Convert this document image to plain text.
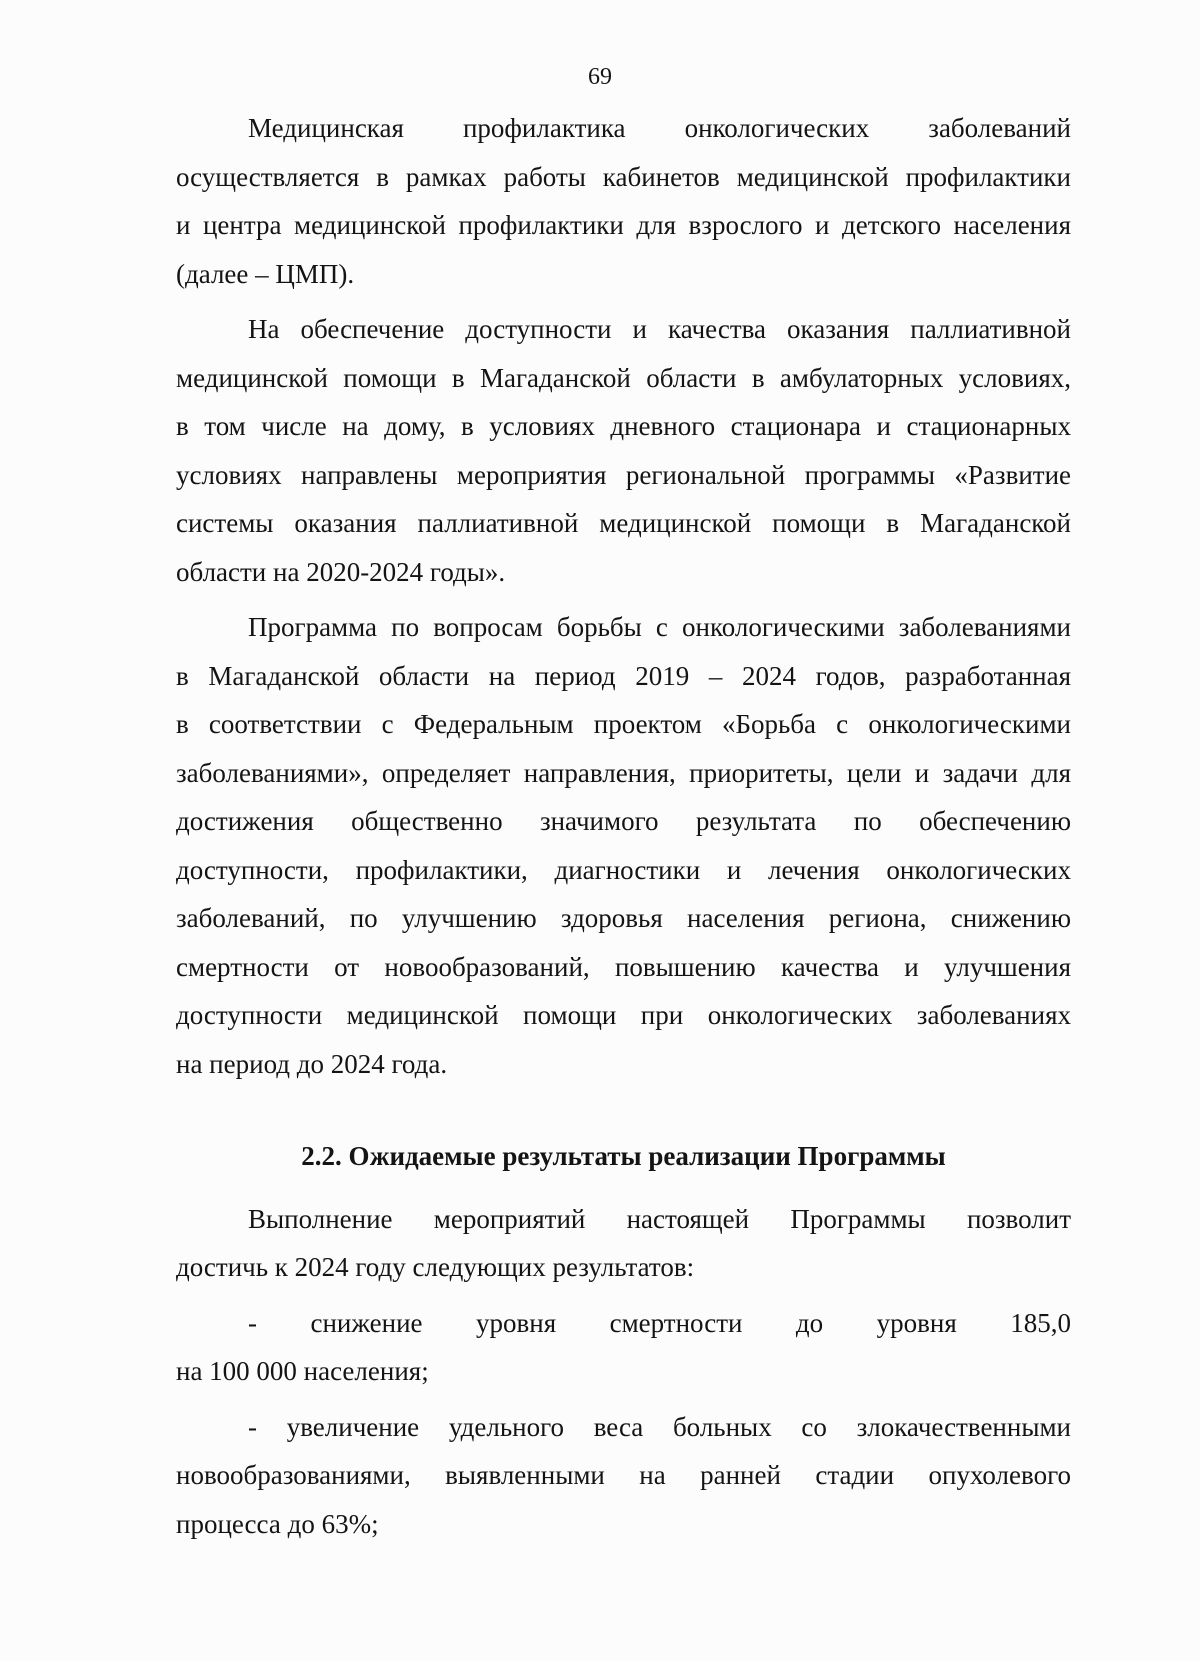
69

Медицинская профилактика онкологических заболеваний
осуществляется в рамках работы кабинетов медицинской профилактики
и центра медицинской профилактики для взрослого и детского населения
(далее – ЦМП).

На обеспечение доступности и качества оказания паллиативной
медицинской помощи в Магаданской области в амбулаторных условиях,
в том числе на дому, в условиях дневного стационара и стационарных
условиях направлены мероприятия региональной программы «Развитие
системы оказания паллиативной медицинской помощи в Магаданской
области на 2020-2024 годы».

Программа по вопросам борьбы с онкологическими заболеваниями
в Магаданской области на период 2019 – 2024 годов, разработанная
в соответствии с Федеральным проектом «Борьба с онкологическими
заболеваниями», определяет направления, приоритеты, цели и задачи для
достижения общественно значимого результата по обеспечению
доступности, профилактики, диагностики и лечения онкологических
заболеваний, по улучшению здоровья населения региона, снижению
смертности от новообразований, повышению качества и улучшения
доступности медицинской помощи при онкологических заболеваниях
на период до 2024 года.

2.2. Ожидаемые результаты реализации Программы

Выполнение мероприятий настоящей Программы позволит
достичь к 2024 году следующих результатов:

- снижение уровня смертности до уровня 185,0
на 100 000 населения;

- увеличение удельного веса больных со злокачественными
новообразованиями, выявленными на ранней стадии опухолевого
процесса до 63%;
